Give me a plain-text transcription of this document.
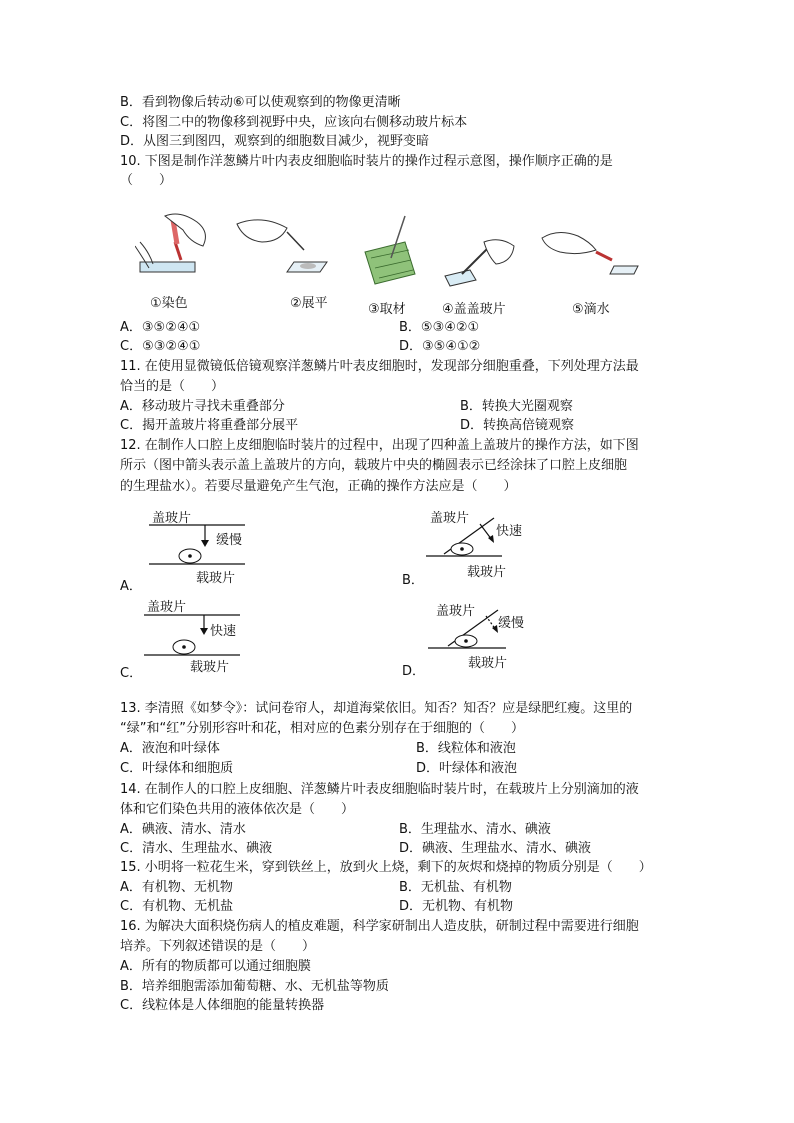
B．看到物像后转动⑥可以使观察到的物像更清晰
C．将图二中的物像移到视野中央，应该向右侧移动玻片标本
D．从图三到图四，观察到的细胞数目减少，视野变暗
10. 下图是制作洋葱鳞片叶内表皮细胞临时装片的操作过程示意图，操作顺序正确的是
（　　）
①染色	②展平	③取材	④盖盖玻片	⑤滴水
A．③⑤②④①	B．⑤③④②①
C．⑤③②④①	D．③⑤④①②
11. 在使用显微镜低倍镜观察洋葱鳞片叶表皮细胞时，发现部分细胞重叠，下列处理方法最
恰当的是（　　）
A．移动玻片寻找未重叠部分	B．转换大光圈观察
C．揭开盖玻片将重叠部分展平	D．转换高倍镜观察
12. 在制作人口腔上皮细胞临时装片的过程中，出现了四种盖上盖玻片的操作方法，如下图
所示（图中箭头表示盖上盖玻片的方向，载玻片中央的椭圆表示已经涂抹了口腔上皮细胞
的生理盐水）。若要尽量避免产生气泡，正确的操作方法应是（　　）
盖玻片
缓慢
载玻片
A．
盖玻片
快速
载玻片
B．
盖玻片
快速
载玻片
C．
盖玻片
缓慢
载玻片
D．
13. 李清照《如梦令》：试问卷帘人，却道海棠依旧。知否？知否？应是绿肥红瘦。这里的
“绿”和“红”分别形容叶和花，相对应的色素分别存在于细胞的（　　）
A．液泡和叶绿体	B．线粒体和液泡
C．叶绿体和细胞质	D．叶绿体和液泡
14. 在制作人的口腔上皮细胞、洋葱鳞片叶表皮细胞临时装片时，在载玻片上分别滴加的液
体和它们染色共用的液体依次是（　　）
A．碘液、清水、清水	B．生理盐水、清水、碘液
C．清水、生理盐水、碘液	D．碘液、生理盐水、清水、碘液
15. 小明将一粒花生米，穿到铁丝上，放到火上烧，剩下的灰烬和烧掉的物质分别是（　　）
A．有机物、无机物	B．无机盐、有机物
C．有机物、无机盐	D．无机物、有机物
16. 为解决大面积烧伤病人的植皮难题，科学家研制出人造皮肤，研制过程中需要进行细胞
培养。下列叙述错误的是（　　）
A．所有的物质都可以通过细胞膜
B．培养细胞需添加葡萄糖、水、无机盐等物质
C．线粒体是人体细胞的能量转换器
